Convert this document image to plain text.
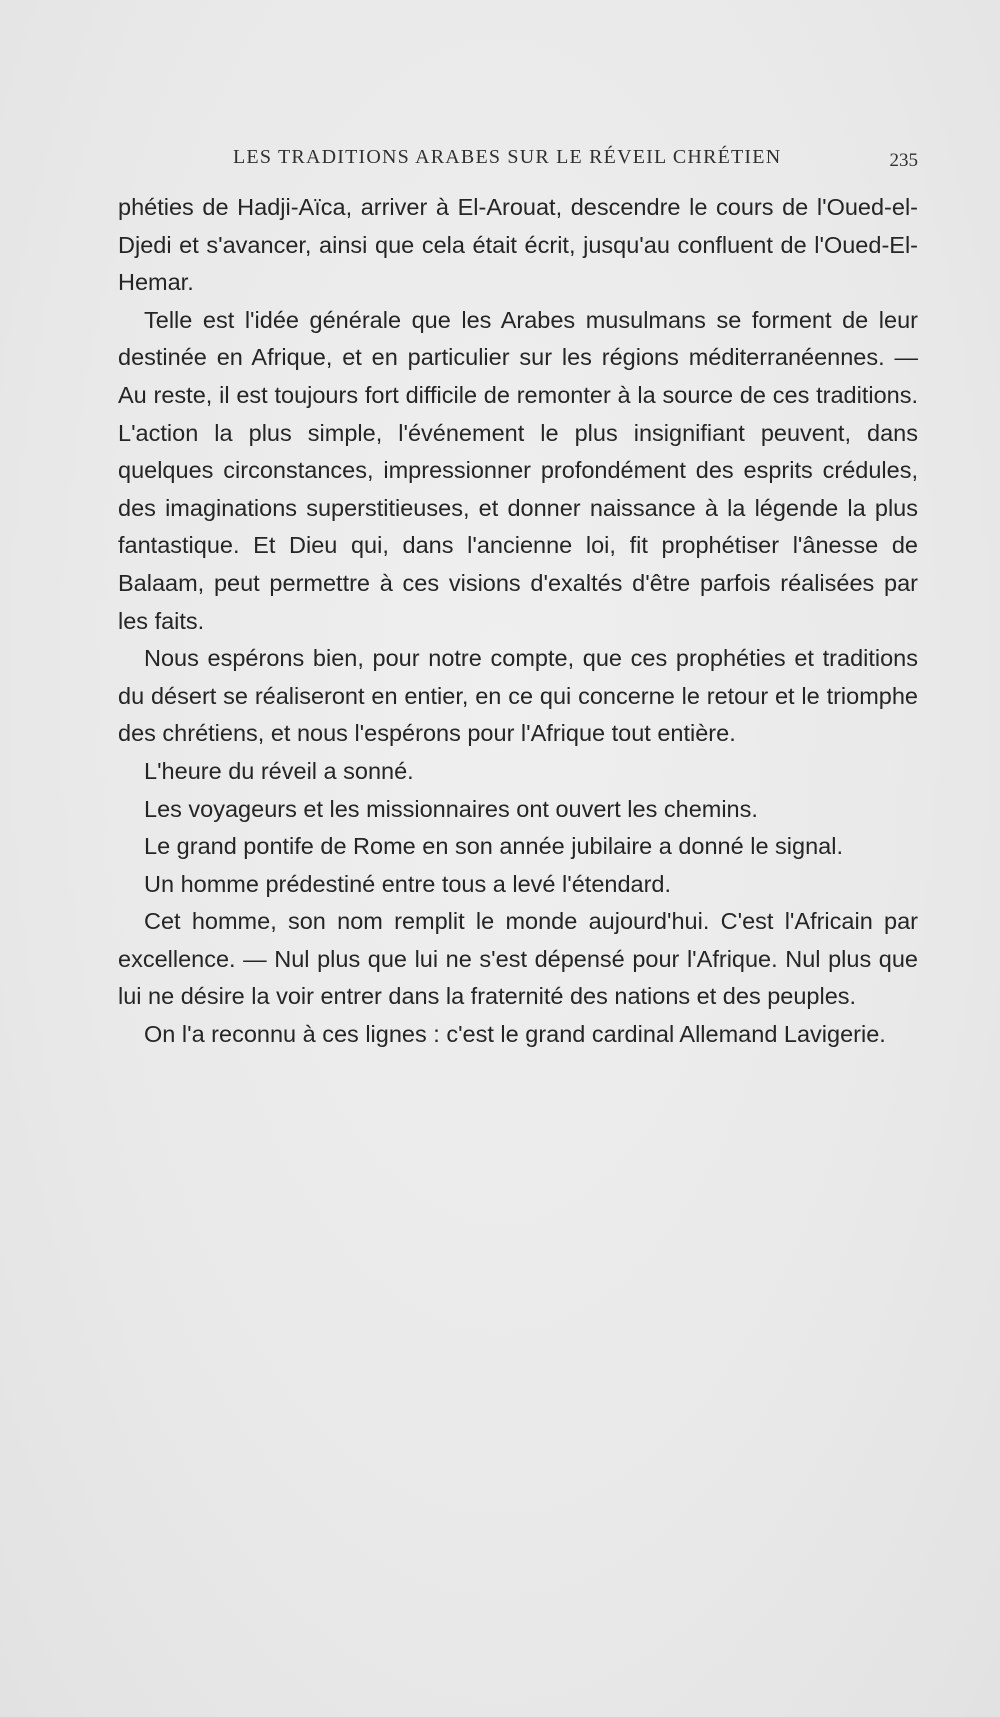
LES TRADITIONS ARABES SUR LE RÉVEIL CHRÉTIEN	235

phéties de Hadji-Aïca, arriver à El-Arouat, descendre le cours de l'Oued-el-Djedi et s'avancer, ainsi que cela était écrit, jusqu'au confluent de l'Oued-El-Hemar.

Telle est l'idée générale que les Arabes musulmans se forment de leur destinée en Afrique, et en particulier sur les régions méditerranéennes. — Au reste, il est toujours fort difficile de remonter à la source de ces traditions. L'action la plus simple, l'événement le plus insignifiant peuvent, dans quelques circonstances, impressionner profondément des esprits crédules, des imaginations superstitieuses, et donner naissance à la légende la plus fantastique. Et Dieu qui, dans l'ancienne loi, fit prophétiser l'ânesse de Balaam, peut permettre à ces visions d'exaltés d'être parfois réalisées par les faits.

Nous espérons bien, pour notre compte, que ces prophéties et traditions du désert se réaliseront en entier, en ce qui concerne le retour et le triomphe des chrétiens, et nous l'espérons pour l'Afrique tout entière.

L'heure du réveil a sonné.

Les voyageurs et les missionnaires ont ouvert les chemins.

Le grand pontife de Rome en son année jubilaire a donné le signal.

Un homme prédestiné entre tous a levé l'étendard.

Cet homme, son nom remplit le monde aujourd'hui. C'est l'Africain par excellence. — Nul plus que lui ne s'est dépensé pour l'Afrique. Nul plus que lui ne désire la voir entrer dans la fraternité des nations et des peuples.

On l'a reconnu à ces lignes : c'est le grand cardinal Allemand Lavigerie.
